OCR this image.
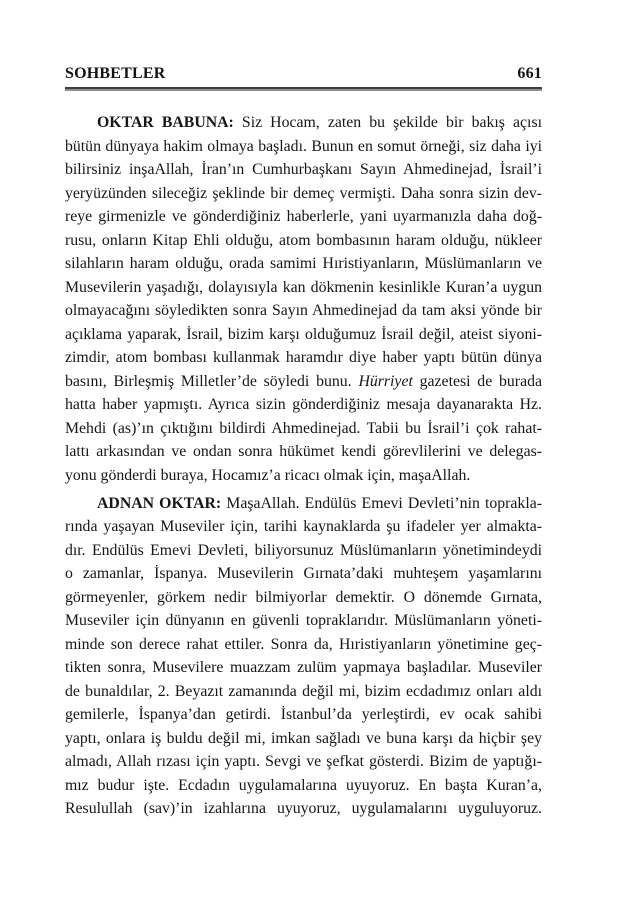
SOHBETLER	661
OKTAR BABUNA: Siz Hocam, zaten bu şekilde bir bakış açısı
bütün dünyaya hakim olmaya başladı. Bunun en somut örneği, siz daha iyi
bilirsiniz inşaAllah, İran’ın Cumhurbaşkanı Sayın Ahmedinejad, İsrail’i
yeryüzünden sileceğiz şeklinde bir demeç vermişti. Daha sonra sizin dev-
reye girmenizle ve gönderdiğiniz haberlerle, yani uyarmanızla daha doğ-
rusu, onların Kitap Ehli olduğu, atom bombasının haram olduğu, nükleer
silahların haram olduğu, orada samimi Hıristiyanların, Müslümanların ve
Musevilerin yaşadığı, dolayısıyla kan dökmenin kesinlikle Kuran’a uygun
olmayacağını söyledikten sonra Sayın Ahmedinejad da tam aksi yönde bir
açıklama yaparak, İsrail, bizim karşı olduğumuz İsrail değil, ateist siyoni-
zimdir, atom bombası kullanmak haramdır diye haber yaptı bütün dünya
basını, Birleşmiş Milletler’de söyledi bunu. Hürriyet gazetesi de burada
hatta haber yapmıştı. Ayrıca sizin gönderdiğiniz mesaja dayanarakta Hz.
Mehdi (as)’ın çıktığını bildirdi Ahmedinejad. Tabii bu İsrail’i çok rahat-
lattı arkasından ve ondan sonra hükümet kendi görevlilerini ve delegas-
yonu gönderdi buraya, Hocamız’a ricacı olmak için, maşaAllah.
ADNAN OKTAR: MaşaAllah. Endülüs Emevi Devleti’nin toprakla-
rında yaşayan Museviler için, tarihi kaynaklarda şu ifadeler yer almakta-
dır. Endülüs Emevi Devleti, biliyorsunuz Müslümanların yönetimindeydi
o zamanlar, İspanya. Musevilerin Gırnata’daki muhteşem yaşamlarını
görmeyenler, görkem nedir bilmiyorlar demektir. O dönemde Gırnata,
Museviler için dünyanın en güvenli topraklarıdır. Müslümanların yöneti-
minde son derece rahat ettiler. Sonra da, Hıristiyanların yönetimine geç-
tikten sonra, Musevilere muazzam zulüm yapmaya başladılar. Museviler
de bunaldılar, 2. Beyazıt zamanında değil mi, bizim ecdadımız onları aldı
gemilerle, İspanya’dan getirdi. İstanbul’da yerleştirdi, ev ocak sahibi
yaptı, onlara iş buldu değil mi, imkan sağladı ve buna karşı da hiçbir şey
almadı, Allah rızası için yaptı. Sevgi ve şefkat gösterdi. Bizim de yaptığı-
mız budur işte. Ecdadın uygulamalarına uyuyoruz. En başta Kuran’a,
Resulullah (sav)’in izahlarına uyuyoruz, uygulamalarını uyguluyoruz.
